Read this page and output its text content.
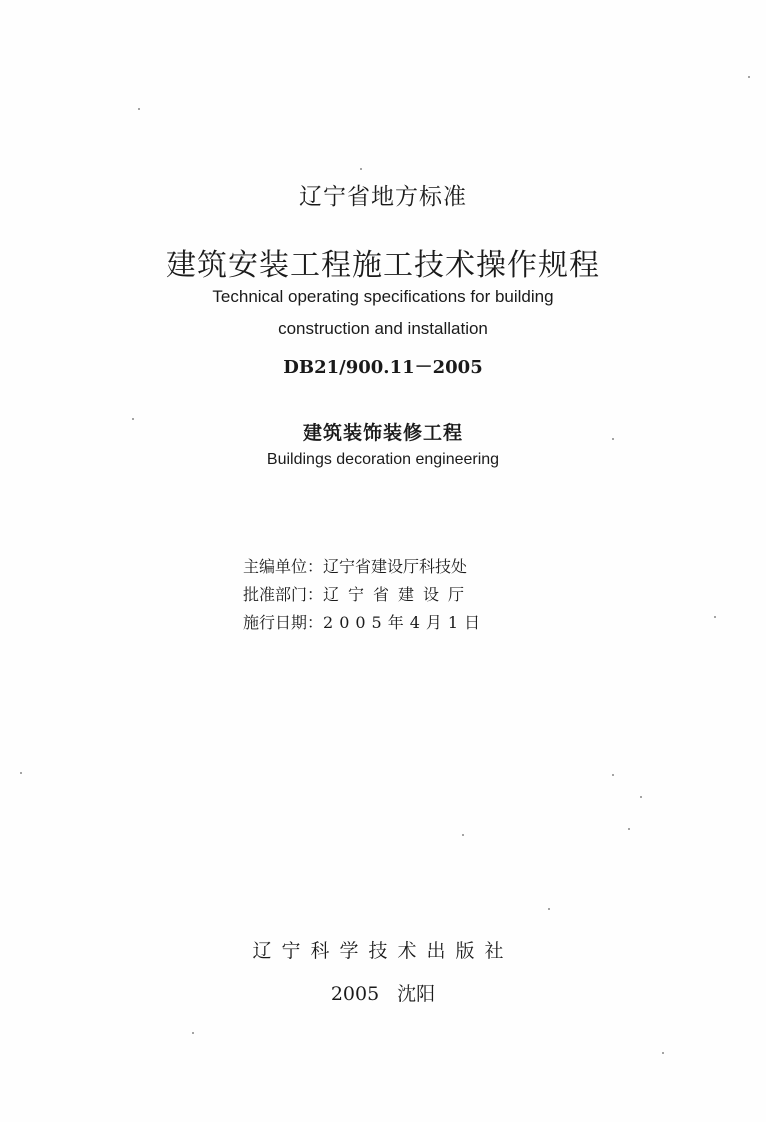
辽宁省地方标准
建筑安装工程施工技术操作规程
Technical operating specifications for building
construction and installation
DB21/900.11－2005
建筑装饰装修工程
Buildings decoration engineering
主编单位：辽宁省建设厅科技处
批准部门：辽宁省建设厅
施行日期：2005年4月1日
辽宁科学技术出版社
2005 沈阳
